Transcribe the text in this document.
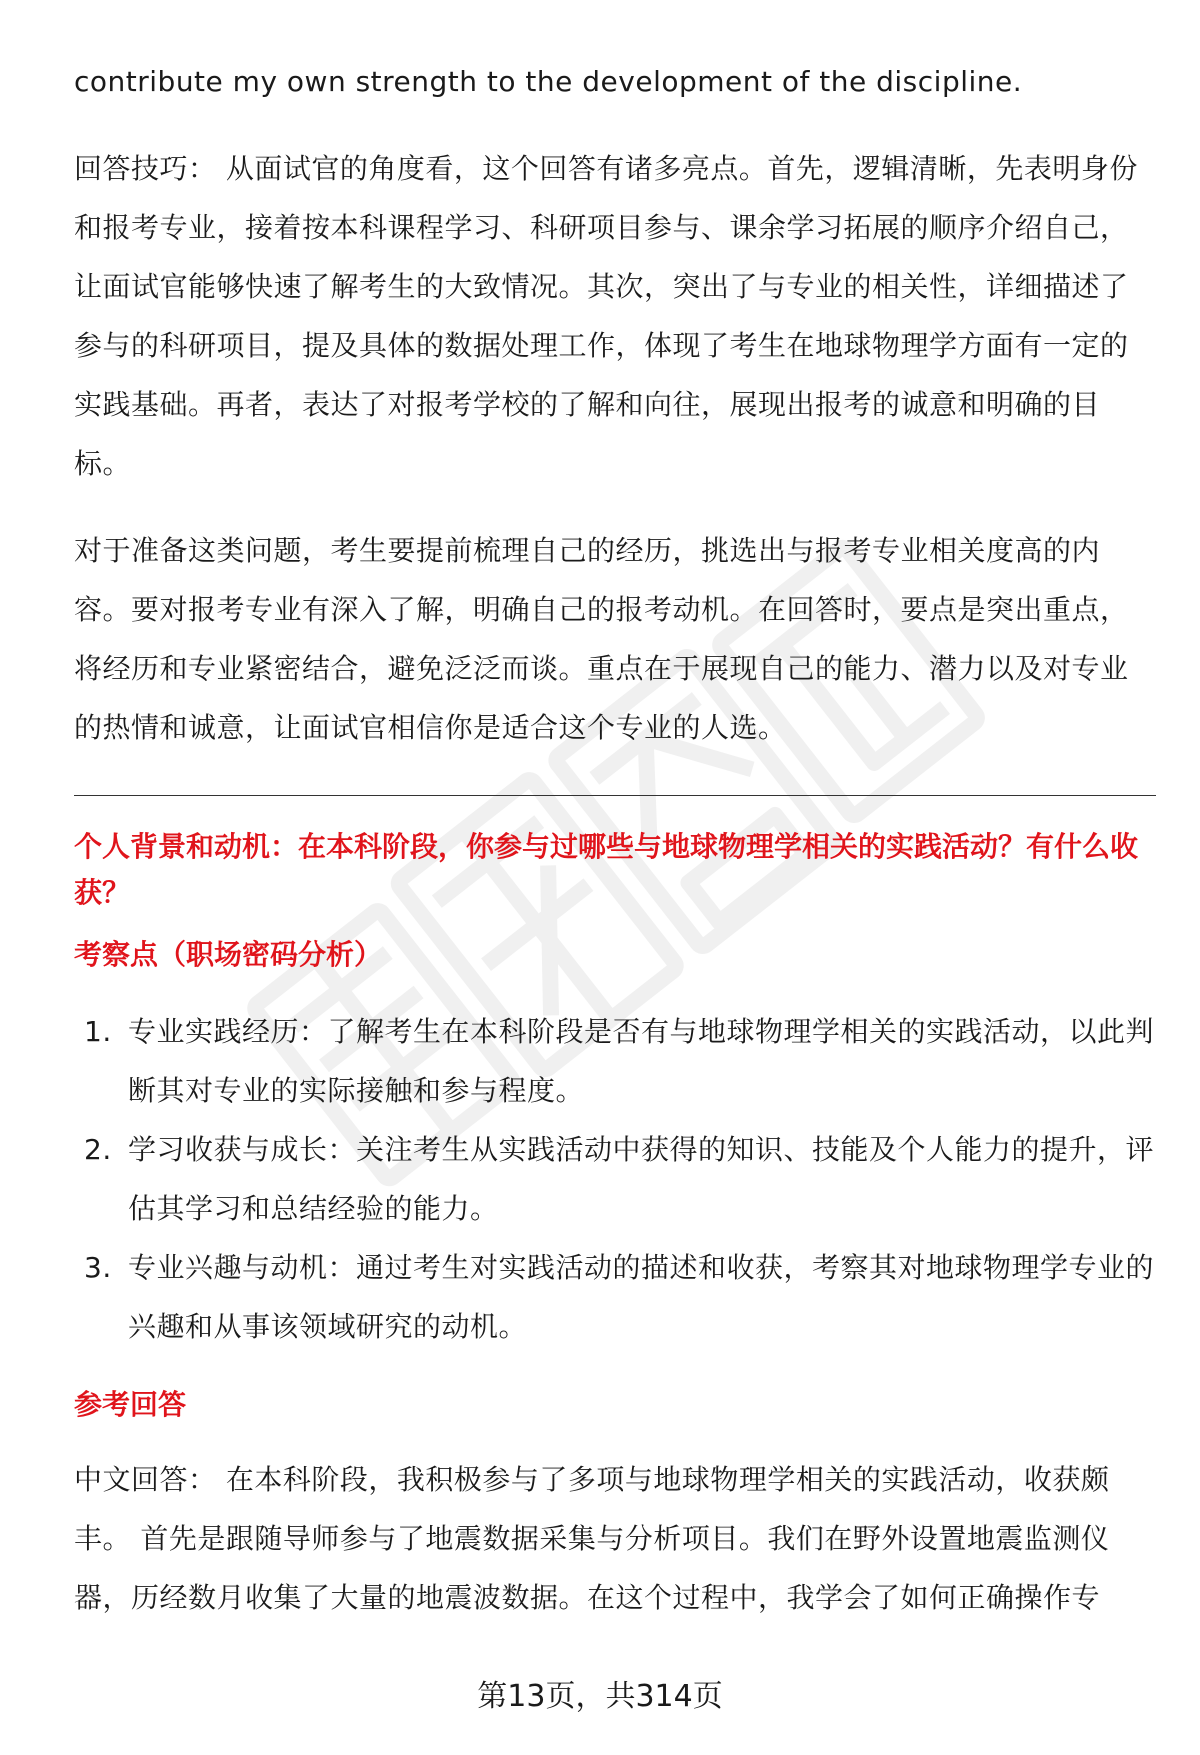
contribute my own strength to the development of the discipline.

回答技巧： 从面试官的角度看，这个回答有诸多亮点。首先，逻辑清晰，先表明身份和报考专业，接着按本科课程学习、科研项目参与、课余学习拓展的顺序介绍自己，让面试官能够快速了解考生的大致情况。其次，突出了与专业的相关性，详细描述了参与的科研项目，提及具体的数据处理工作，体现了考生在地球物理学方面有一定的实践基础。再者，表达了对报考学校的了解和向往，展现出报考的诚意和明确的目标。

对于准备这类问题，考生要提前梳理自己的经历，挑选出与报考专业相关度高的内容。要对报考专业有深入了解，明确自己的报考动机。在回答时，要点是突出重点，将经历和专业紧密结合，避免泛泛而谈。重点在于展现自己的能力、潜力以及对专业的热情和诚意，让面试官相信你是适合这个专业的人选。

个人背景和动机：在本科阶段，你参与过哪些与地球物理学相关的实践活动？有什么收获？

考察点（职场密码分析）

1. 专业实践经历：了解考生在本科阶段是否有与地球物理学相关的实践活动，以此判断其对专业的实际接触和参与程度。
2. 学习收获与成长：关注考生从实践活动中获得的知识、技能及个人能力的提升，评估其学习和总结经验的能力。
3. 专业兴趣与动机：通过考生对实践活动的描述和收获，考察其对地球物理学专业的兴趣和从事该领域研究的动机。

参考回答

中文回答： 在本科阶段，我积极参与了多项与地球物理学相关的实践活动，收获颇丰。 首先是跟随导师参与了地震数据采集与分析项目。我们在野外设置地震监测仪器，历经数月收集了大量的地震波数据。在这个过程中，我学会了如何正确操作专

第13页，共314页
